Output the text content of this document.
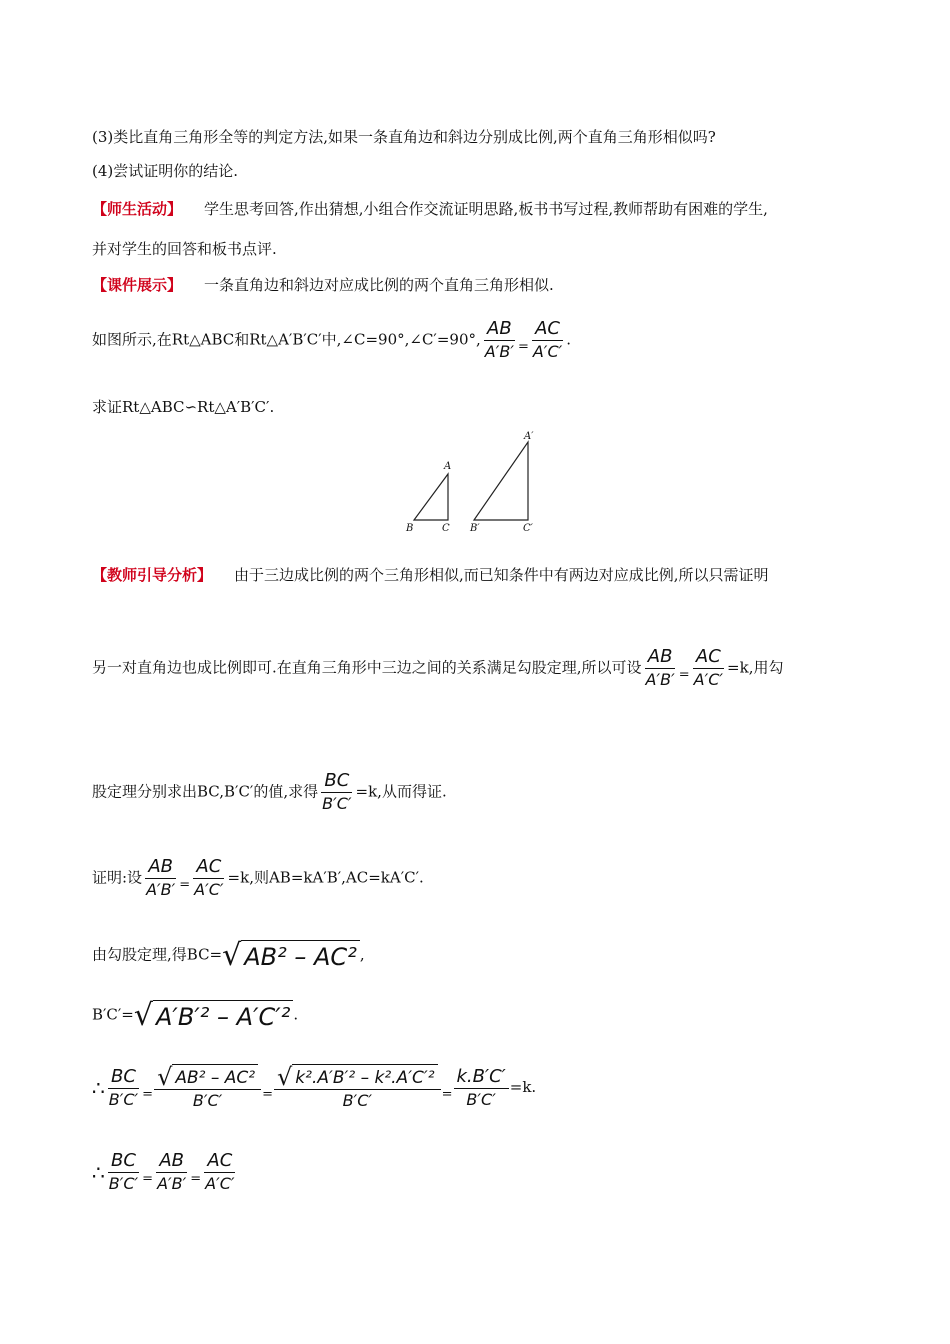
(3)类比直角三角形全等的判定方法,如果一条直角边和斜边分别成比例,两个直角三角形相似吗?
(4)尝试证明你的结论.
【师生活动】 学生思考回答,作出猜想,小组合作交流证明思路,板书书写过程,教师帮助有困难的学生,
并对学生的回答和板书点评.
【课件展示】 一条直角边和斜边对应成比例的两个直角三角形相似.
如图所示,在Rt△ABC和Rt△A′B′C′中,∠C=90°,∠C′=90°, $\frac{AB}{A'B'} = \frac{AC}{A'C'}$ .
求证Rt△ABC∽Rt△A′B′C′.
A
B	C
A′
B′	C′
【教师引导分析】 由于三边成比例的两个三角形相似,而已知条件中有两边对应成比例,所以只需证明
另一对直角边也成比例即可.在直角三角形中三边之间的关系满足勾股定理,所以可设 $\frac{AB}{A'B'} = \frac{AC}{A'C'} =k$,用勾
股定理分别求出BC,B′C′的值,求得 $\frac{BC}{B'C'} =k$,从而得证.
证明:设 $\frac{AB}{A'B'} = \frac{AC}{A'C'} =k$,则AB=kA′B′,AC=kA′C′.
由勾股定理,得BC= √ AB² – AC² ,
B′C′= √ A′B′² – A′C′² .
∴ $\frac{BC}{B'C'} = \frac{\text{√ AB² – AC²}}{B'C'} = \frac{\text{√ k².A′B′² – k².A′C′²}}{B'C'} = \frac{k.B'C'}{B'C'} =k$.
∴ $\frac{BC}{B'C'} = \frac{AB}{A'B'} = \frac{AC}{A'C'}$
